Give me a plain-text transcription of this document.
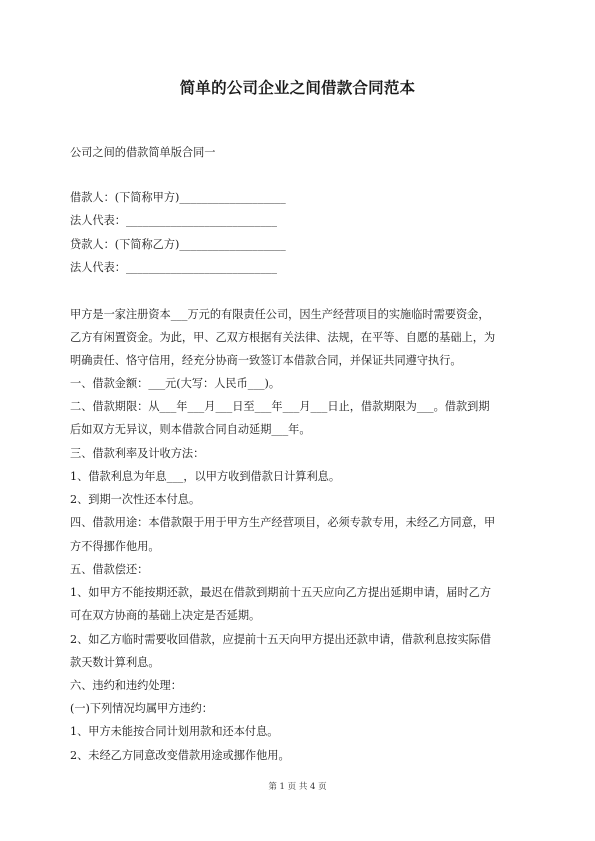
简单的公司企业之间借款合同范本
公司之间的借款简单版合同一
借款人：(下简称甲方)___________________
法人代表：___________________________
贷款人：(下简称乙方)___________________
法人代表：___________________________
甲方是一家注册资本___万元的有限责任公司，因生产经营项目的实施临时需要资金，
乙方有闲置资金。为此，甲、乙双方根据有关法律、法规，在平等、自愿的基础上，为
明确责任、恪守信用，经充分协商一致签订本借款合同，并保证共同遵守执行。
一、借款金额：___元(大写：人民币___)。
二、借款期限：从___年___月___日至___年___月___日止，借款期限为___。借款到期
后如双方无异议，则本借款合同自动延期___年。
三、借款利率及计收方法：
1、借款利息为年息___，以甲方收到借款日计算利息。
2、到期一次性还本付息。
四、借款用途：本借款限于用于甲方生产经营项目，必须专款专用，未经乙方同意，甲
方不得挪作他用。
五、借款偿还：
1、如甲方不能按期还款，最迟在借款到期前十五天应向乙方提出延期申请，届时乙方
可在双方协商的基础上决定是否延期。
2、如乙方临时需要收回借款，应提前十五天向甲方提出还款申请，借款利息按实际借
款天数计算利息。
六、违约和违约处理：
(一)下列情况均属甲方违约：
1、甲方未能按合同计划用款和还本付息。
2、未经乙方同意改变借款用途或挪作他用。
第 1 页 共 4 页
